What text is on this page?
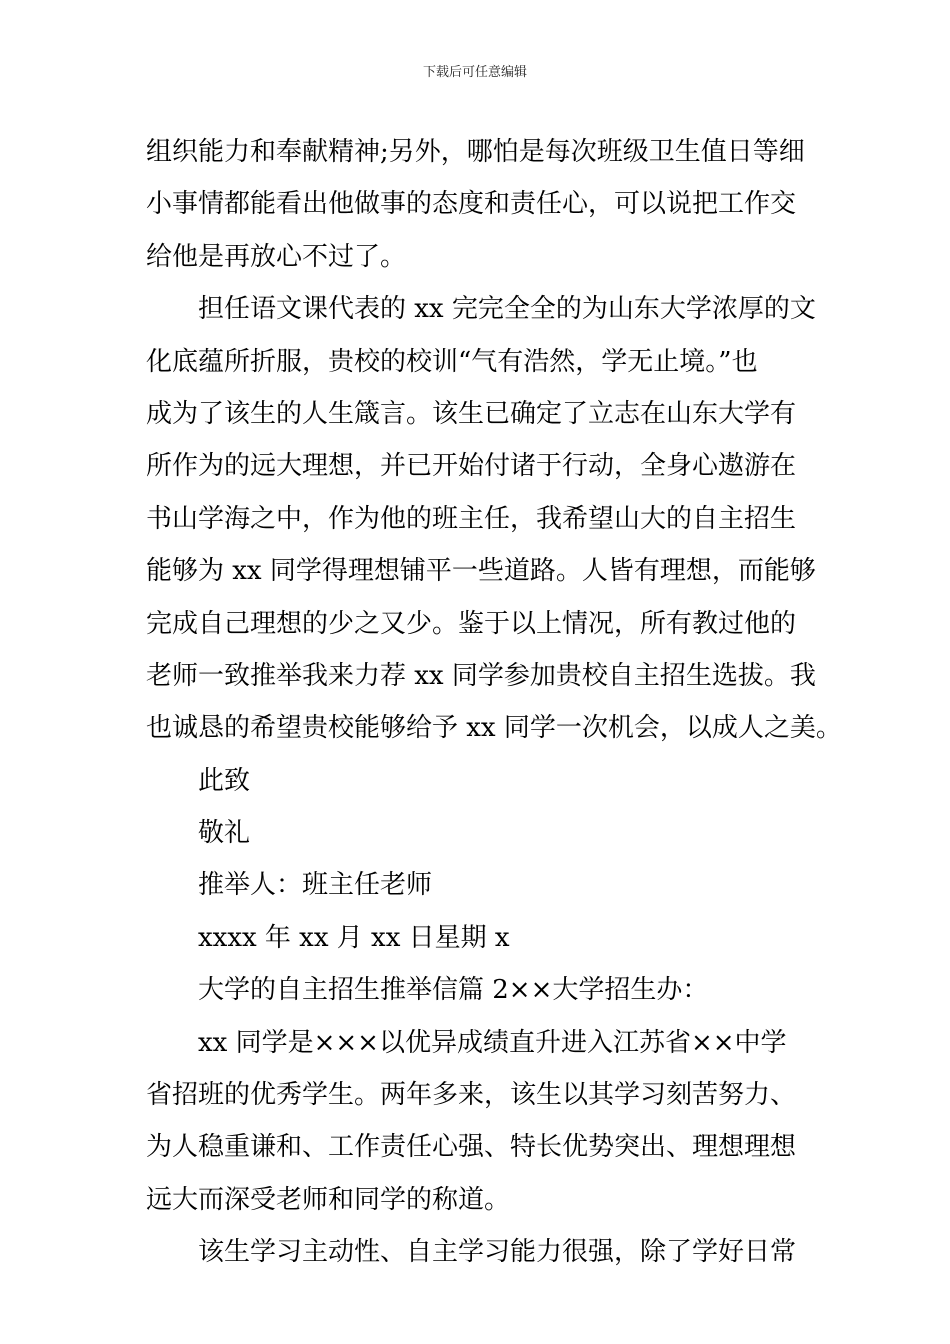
下载后可任意编辑
组织能力和奉献精神;另外，哪怕是每次班级卫生值日等细
小事情都能看出他做事的态度和责任心，可以说把工作交
给他是再放心不过了。
担任语文课代表的 xx 完完全全的为山东大学浓厚的文
化底蕴所折服，贵校的校训“气有浩然，学无止境。”也
成为了该生的人生箴言。该生已确定了立志在山东大学有
所作为的远大理想，并已开始付诸于行动，全身心遨游在
书山学海之中，作为他的班主任，我希望山大的自主招生
能够为 xx 同学得理想铺平一些道路。人皆有理想，而能够
完成自己理想的少之又少。鉴于以上情况，所有教过他的
老师一致推举我来力荐 xx 同学参加贵校自主招生选拔。我
也诚恳的希望贵校能够给予 xx 同学一次机会，以成人之美。
此致
敬礼
推举人：班主任老师
xxxx 年 xx 月 xx 日星期 x
大学的自主招生推举信篇 2××大学招生办：
xx 同学是×××以优异成绩直升进入江苏省××中学
省招班的优秀学生。两年多来，该生以其学习刻苦努力、
为人稳重谦和、工作责任心强、特长优势突出、理想理想
远大而深受老师和同学的称道。
该生学习主动性、自主学习能力很强，除了学好日常
